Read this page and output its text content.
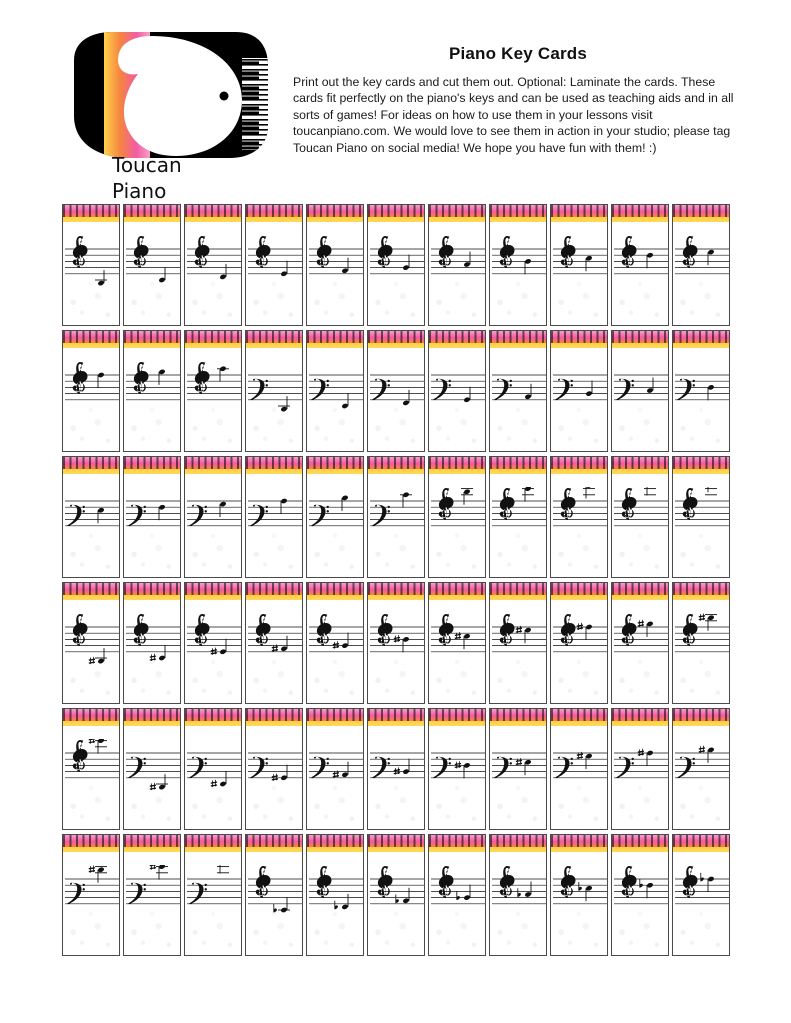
Toucan
Piano
Piano Key Cards

Print out the key cards and cut them out. Optional: Laminate the cards. These cards fit perfectly on the piano's keys and can be used as teaching aids and in all sorts of games! For ideas on how to use them in your lessons visit toucanpiano.com. We would love to see them in action in your studio; please tag Toucan Piano on social media! We hope you have fun with them! :)
